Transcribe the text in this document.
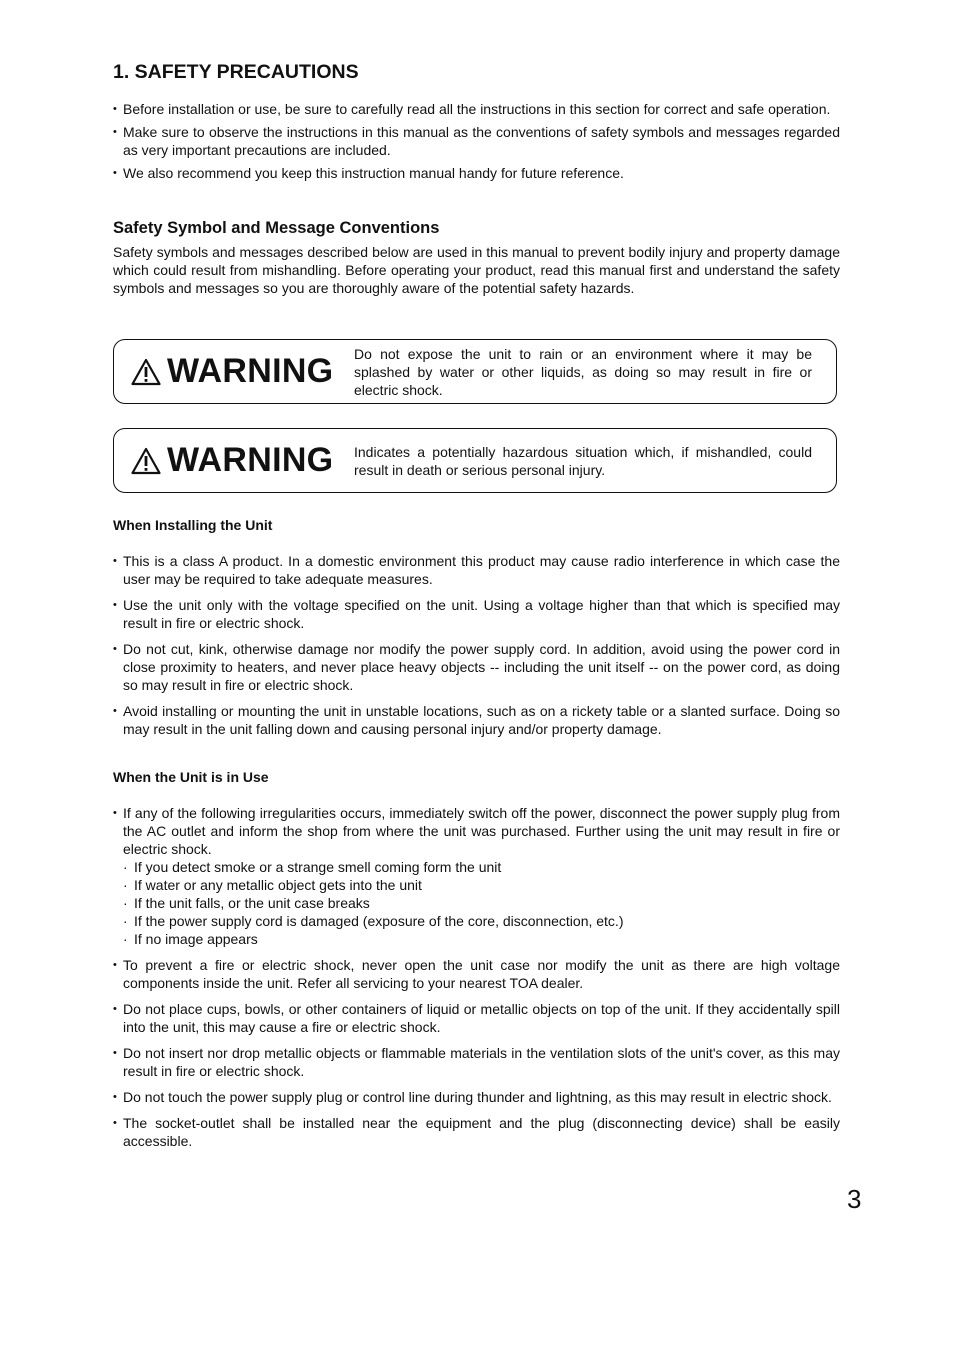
1. SAFETY PRECAUTIONS
• Before installation or use, be sure to carefully read all the instructions in this section for correct and safe operation.
• Make sure to observe the instructions in this manual as the conventions of safety symbols and messages regarded as very important precautions are included.
• We also recommend you keep this instruction manual handy for future reference.
Safety Symbol and Message Conventions

Safety symbols and messages described below are used in this manual to prevent bodily injury and property damage which could result from mishandling. Before operating your product, read this manual first and understand the safety symbols and messages so you are thoroughly aware of the potential safety hazards.

WARNING Do not expose the unit to rain or an environment where it may be splashed by water or other liquids, as doing so may result in fire or electric shock.
WARNING Indicates a potentially hazardous situation which, if mishandled, could result in death or serious personal injury.
When Installing the Unit
• This is a class A product. In a domestic environment this product may cause radio interference in which case the user may be required to take adequate measures.
• Use the unit only with the voltage specified on the unit. Using a voltage higher than that which is specified may result in fire or electric shock.
• Do not cut, kink, otherwise damage nor modify the power supply cord. In addition, avoid using the power cord in close proximity to heaters, and never place heavy objects -- including the unit itself -- on the power cord, as doing so may result in fire or electric shock.
• Avoid installing or mounting the unit in unstable locations, such as on a rickety table or a slanted surface. Doing so may result in the unit falling down and causing personal injury and/or property damage.
When the Unit is in Use
• If any of the following irregularities occurs, immediately switch off the power, disconnect the power supply plug from the AC outlet and inform the shop from where the unit was purchased. Further using the unit may result in fire or electric shock.
· If you detect smoke or a strange smell coming form the unit
· If water or any metallic object gets into the unit
· If the unit falls, or the unit case breaks
· If the power supply cord is damaged (exposure of the core, disconnection, etc.)
· If no image appears
• To prevent a fire or electric shock, never open the unit case nor modify the unit as there are high voltage components inside the unit. Refer all servicing to your nearest TOA dealer.
• Do not place cups, bowls, or other containers of liquid or metallic objects on top of the unit. If they accidentally spill into the unit, this may cause a fire or electric shock.
• Do not insert nor drop metallic objects or flammable materials in the ventilation slots of the unit's cover, as this may result in fire or electric shock.
• Do not touch the power supply plug or control line during thunder and lightning, as this may result in electric shock.
• The socket-outlet shall be installed near the equipment and the plug (disconnecting device) shall be easily accessible.
3
